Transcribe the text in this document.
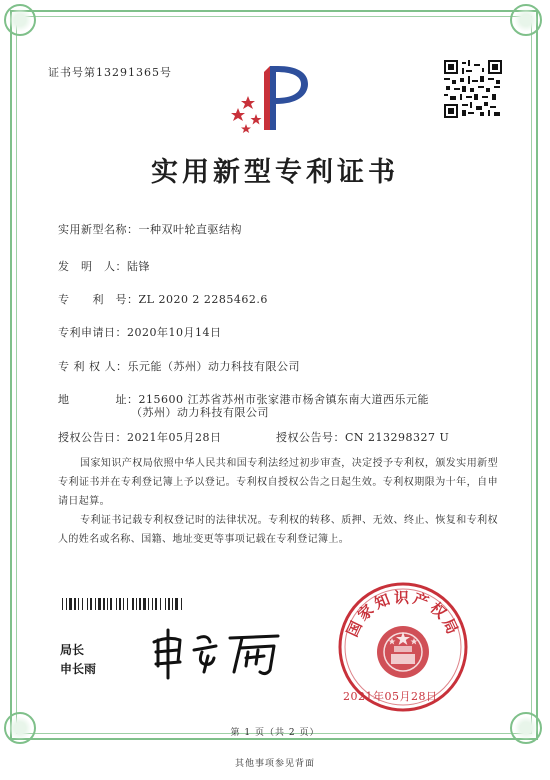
证书号第13291365号
实用新型专利证书
实用新型名称：一种双叶轮直驱结构
发　明　人：陆锋
专　　利　号：ZL 2020 2 2285462.6
专利申请日：2020年10月14日
专 利 权 人：乐元能（苏州）动力科技有限公司
地　　　　址：215600 江苏省苏州市张家港市杨舍镇东南大道西乐元能
（苏州）动力科技有限公司
授权公告日：2021年05月28日	授权公告号：CN 213298327 U
国家知识产权局依照中华人民共和国专利法经过初步审查，决定授予专利权，颁发实用新型专利证书并在专利登记簿上予以登记。专利权自授权公告之日起生效。专利权期限为十年，自申请日起算。
专利证书记载专利权登记时的法律状况。专利权的转移、质押、无效、终止、恢复和专利权人的姓名或名称、国籍、地址变更等事项记载在专利登记簿上。
局长
申长雨
国家知识产权局
2021年05月28日
第 1 页（共 2 页）
其他事项参见背面
